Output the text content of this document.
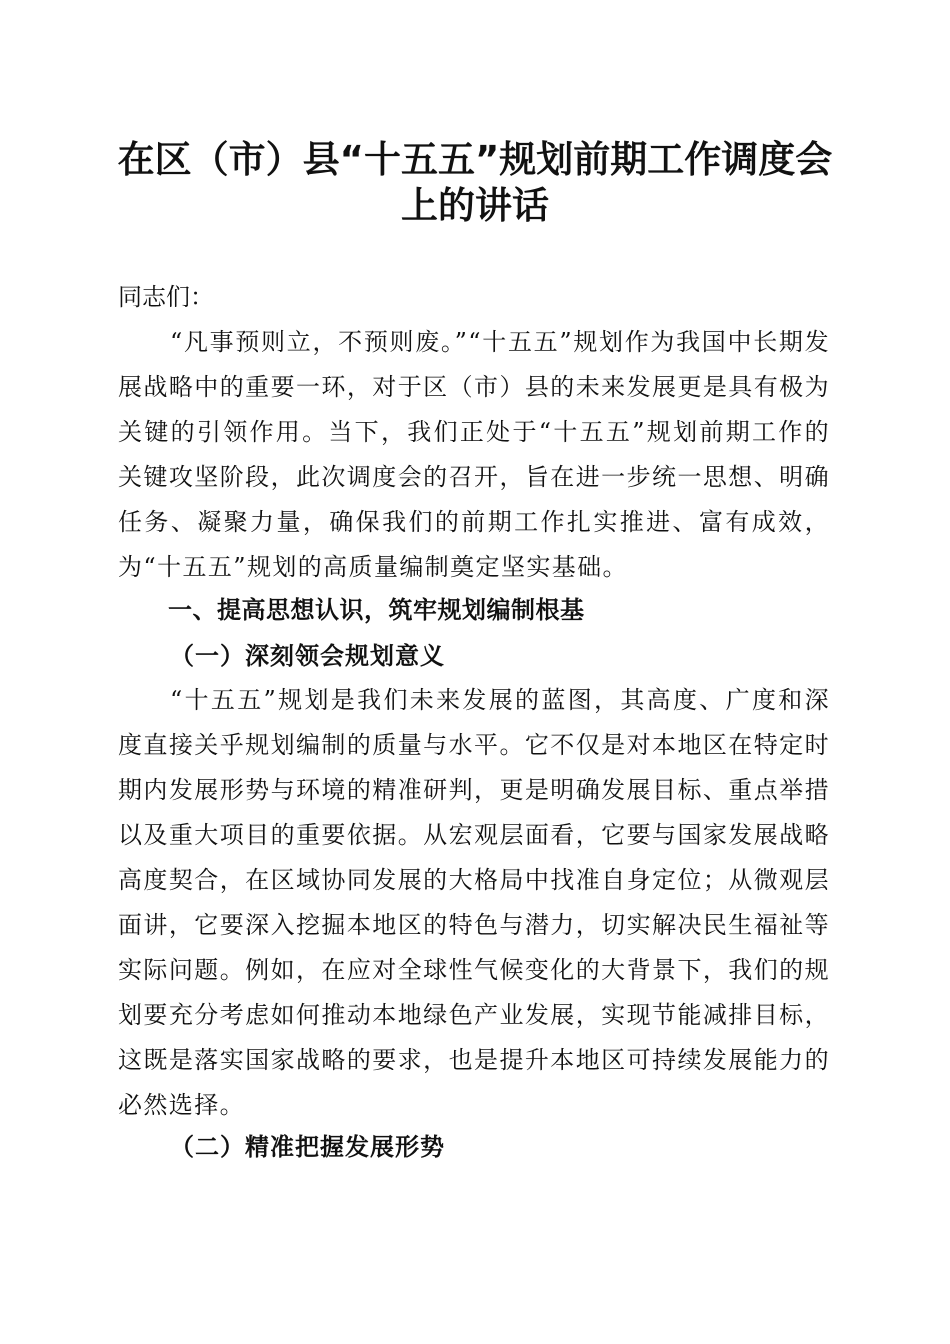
在区（市）县“十五五”规划前期工作调度会
上的讲话

同志们：

“凡事预则立，不预则废。”“十五五”规划作为我国中长期发展战略中的重要一环，对于区（市）县的未来发展更是具有极为关键的引领作用。当下，我们正处于“十五五”规划前期工作的关键攻坚阶段，此次调度会的召开，旨在进一步统一思想、明确任务、凝聚力量，确保我们的前期工作扎实推进、富有成效，为“十五五”规划的高质量编制奠定坚实基础。

一、提高思想认识，筑牢规划编制根基
（一）深刻领会规划意义

“十五五”规划是我们未来发展的蓝图，其高度、广度和深度直接关乎规划编制的质量与水平。它不仅是对本地区在特定时期内发展形势与环境的精准研判，更是明确发展目标、重点举措以及重大项目的重要依据。从宏观层面看，它要与国家发展战略高度契合，在区域协同发展的大格局中找准自身定位；从微观层面讲，它要深入挖掘本地区的特色与潜力，切实解决民生福祉等实际问题。例如，在应对全球性气候变化的大背景下，我们的规划要充分考虑如何推动本地绿色产业发展，实现节能减排目标，这既是落实国家战略的要求，也是提升本地区可持续发展能力的必然选择。

（二）精准把握发展形势
